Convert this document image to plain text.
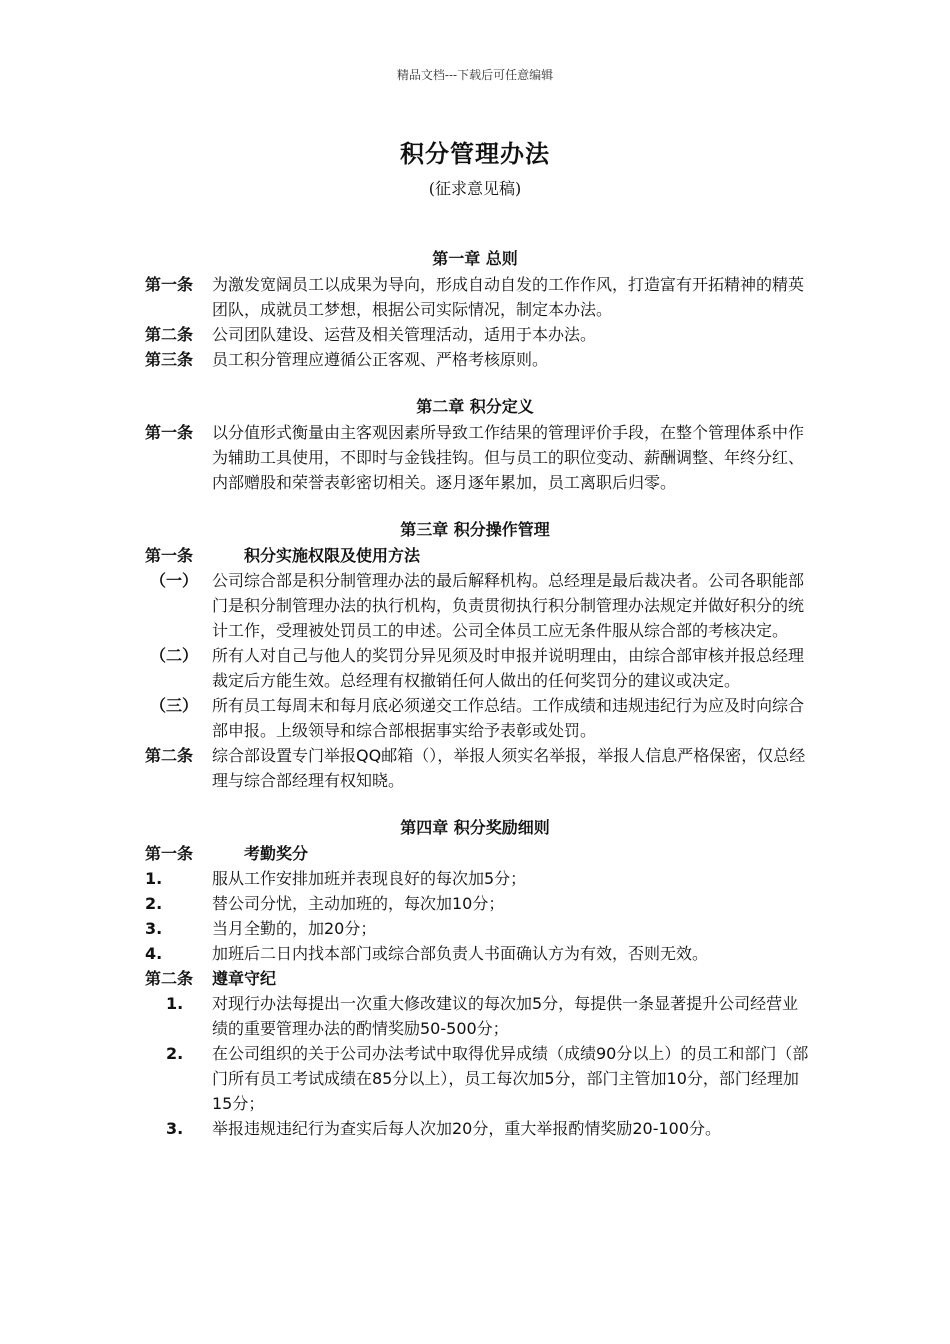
精品文档---下载后可任意编辑
积分管理办法
(征求意见稿)
第一章 总则
第一条 为激发宽阔员工以成果为导向，形成自动自发的工作作风，打造富有开拓精神的精英团队，成就员工梦想，根据公司实际情况，制定本办法。
第二条 公司团队建设、运营及相关管理活动，适用于本办法。
第三条 员工积分管理应遵循公正客观、严格考核原则。
第二章 积分定义
第一条 以分值形式衡量由主客观因素所导致工作结果的管理评价手段，在整个管理体系中作为辅助工具使用，不即时与金钱挂钩。但与员工的职位变动、薪酬调整、年终分红、内部赠股和荣誉表彰密切相关。逐月逐年累加，员工离职后归零。
第三章 积分操作管理
第一条	积分实施权限及使用方法
（一） 公司综合部是积分制管理办法的最后解释机构。总经理是最后裁决者。公司各职能部门是积分制管理办法的执行机构，负责贯彻执行积分制管理办法规定并做好积分的统计工作，受理被处罚员工的申述。公司全体员工应无条件服从综合部的考核决定。
（二） 所有人对自己与他人的奖罚分异见须及时申报并说明理由，由综合部审核并报总经理裁定后方能生效。总经理有权撤销任何人做出的任何奖罚分的建议或决定。
（三） 所有员工每周末和每月底必须递交工作总结。工作成绩和违规违纪行为应及时向综合部申报。上级领导和综合部根据事实给予表彰或处罚。
第二条 综合部设置专门举报QQ邮箱（），举报人须实名举报，举报人信息严格保密，仅总经理与综合部经理有权知晓。
第四章 积分奖励细则
第一条	考勤奖分
1.	服从工作安排加班并表现良好的每次加5分；
2.	替公司分忧，主动加班的，每次加10分；
3.	当月全勤的，加20分；
4.	加班后二日内找本部门或综合部负责人书面确认方为有效，否则无效。
第二条 遵章守纪
1. 对现行办法每提出一次重大修改建议的每次加5分，每提供一条显著提升公司经营业绩的重要管理办法的酌情奖励50-500分；
2. 在公司组织的关于公司办法考试中取得优异成绩（成绩90分以上）的员工和部门（部门所有员工考试成绩在85分以上），员工每次加5分，部门主管加10分，部门经理加15分；
3. 举报违规违纪行为查实后每人次加20分，重大举报酌情奖励20-100分。
